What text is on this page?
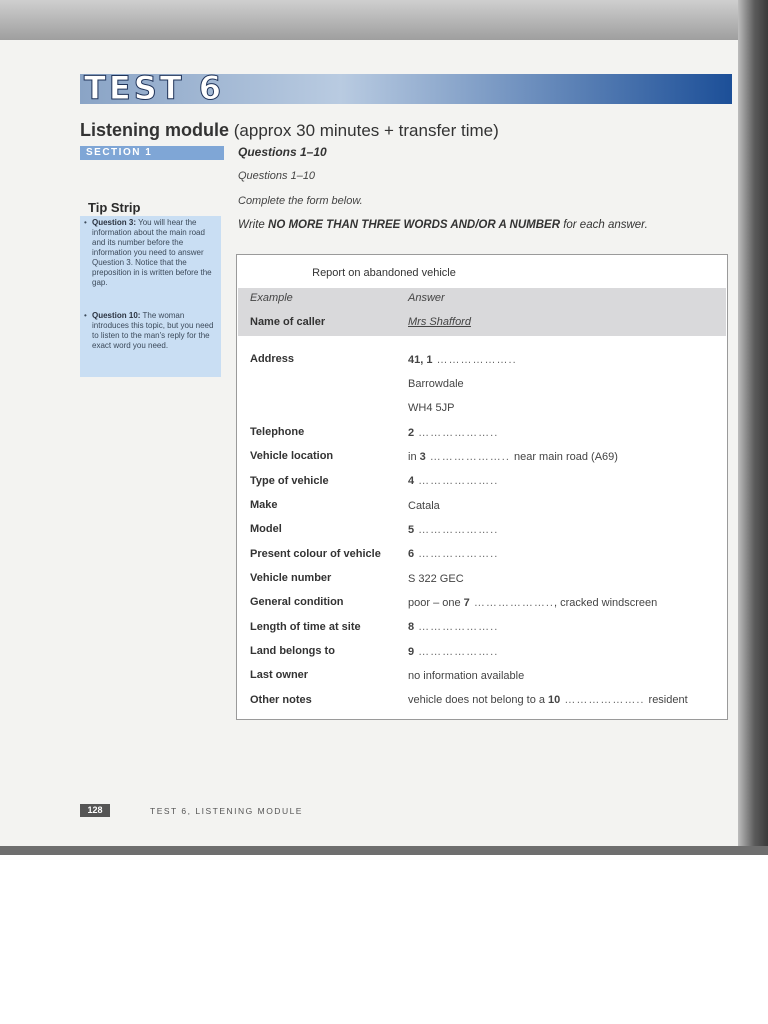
TEST 6
Listening module (approx 30 minutes + transfer time)
SECTION 1	Questions 1–10
Questions 1–10
Complete the form below.
Write NO MORE THAN THREE WORDS AND/OR A NUMBER for each answer.
Tip Strip
• Question 3: You will hear the information about the main road and its number before the information you need to answer Question 3. Notice that the preposition in is written before the gap.
• Question 10: The woman introduces this topic, but you need to listen to the man's reply for the exact word you need.
Report on abandoned vehicle
Example	Answer
Name of caller	Mrs Shafford
Address	41, 1 ………………..
Barrowdale
WH4 5JP
Telephone	2 ………………..
Vehicle location	in 3 ……………….. near main road (A69)
Type of vehicle	4 ………………..
Make	Catala
Model	5 ………………..
Present colour of vehicle 6 ………………..
Vehicle number	S 322 GEC
General condition	poor – one 7 ……………….., cracked windscreen
Length of time at site	8 ………………..
Land belongs to	9 ………………..
Last owner	no information available
Other notes	vehicle does not belong to a 10 ……………….. resident
128	TEST 6, LISTENING MODULE
